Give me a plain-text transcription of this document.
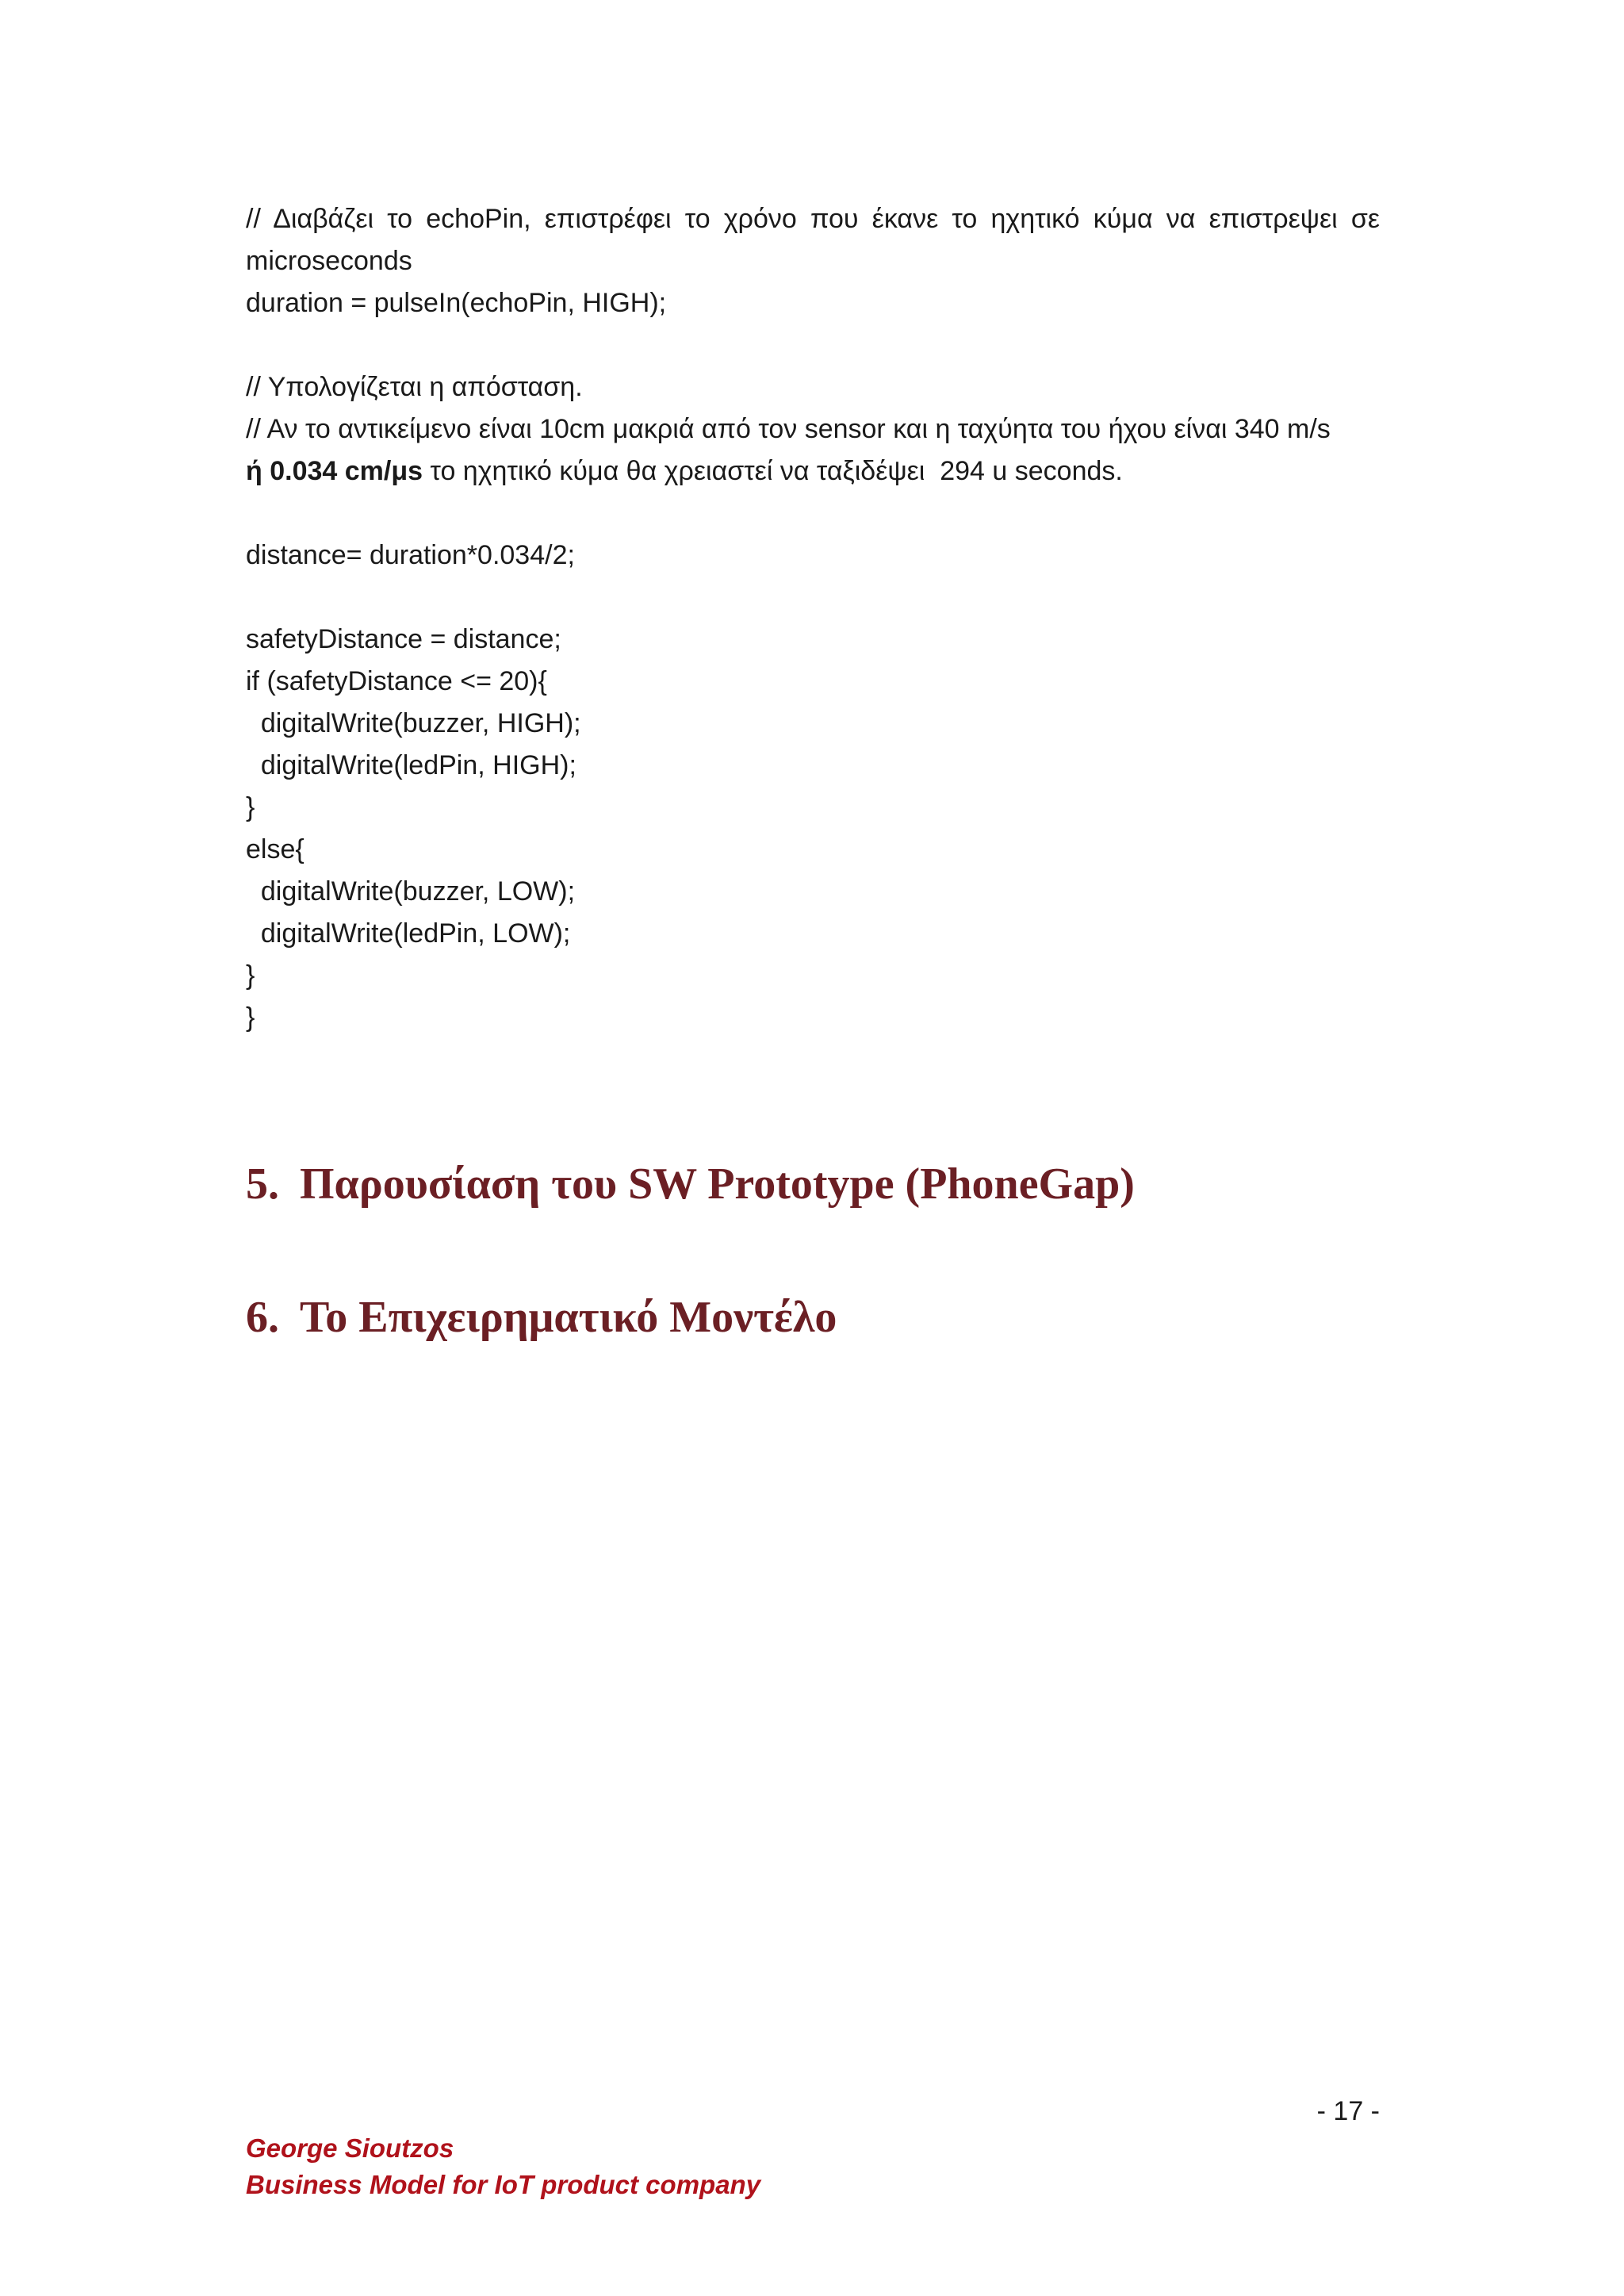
// Διαβάζει το echoPin, επιστρέφει το χρόνο που έκανε το ηχητικό κύμα να επιστρεψει σε
microseconds
duration = pulseIn(echoPin, HIGH);
// Υπολογίζεται η απόσταση.
// Αν το αντικείμενο είναι 10cm μακριά από τον sensor και η ταχύητα του ήχου είναι 340 m/s
ή 0.034 cm/μs το ηχητικό κύμα θα χρειαστεί να ταξιδέψει  294 u seconds.
distance= duration*0.034/2;
safetyDistance = distance;
if (safetyDistance <= 20){
digitalWrite(buzzer, HIGH);
digitalWrite(ledPin, HIGH);
}
else{
digitalWrite(buzzer, LOW);
digitalWrite(ledPin, LOW);
}
}
5. Παρουσίαση του SW Prototype (PhoneGap)
6. Το Επιχειρηματικό Μοντέλο
- 17 -
George Sioutzos
Business Model for IoT product company
